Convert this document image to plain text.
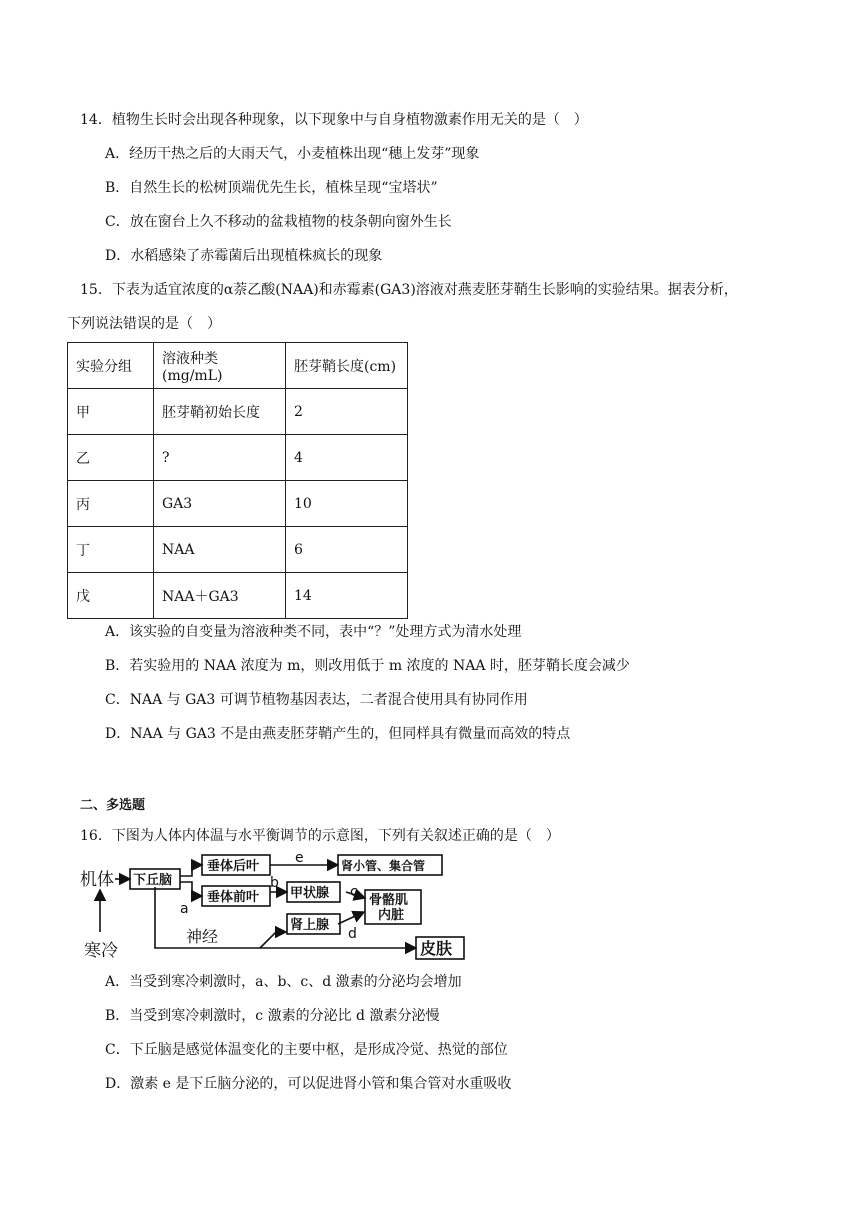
14．植物生长时会出现各种现象，以下现象中与自身植物激素作用无关的是（　）
A．经历干热之后的大雨天气，小麦植株出现“穗上发芽”现象
B．自然生长的松树顶端优先生长，植株呈现“宝塔状”
C．放在窗台上久不移动的盆栽植物的枝条朝向窗外生长
D．水稻感染了赤霉菌后出现植株疯长的现象
15．下表为适宜浓度的α萘乙酸(NAA)和赤霉素(GA3)溶液对燕麦胚芽鞘生长影响的实验结果。据表分析，
下列说法错误的是（　）
实验分组	溶液种类(mg/mL)	胚芽鞘长度(cm)
甲	胚芽鞘初始长度	2
乙	?	4
丙	GA3	10
丁	NAA	6
戊	NAA＋GA3	14
A．该实验的自变量为溶液种类不同，表中“？”处理方式为清水处理
B．若实验用的 NAA 浓度为 m，则改用低于 m 浓度的 NAA 时，胚芽鞘长度会减少
C．NAA 与 GA3 可调节植物基因表达，二者混合使用具有协同作用
D．NAA 与 GA3 不是由燕麦胚芽鞘产生的，但同样具有微量而高效的特点
二、多选题
16．下图为人体内体温与水平衡调节的示意图，下列有关叙述正确的是（　）
机体
寒冷
下丘脑
垂体后叶
垂体前叶
肾小管、集合管
甲状腺
肾上腺
骨骼肌
内脏
皮肤
神经
a
b
c
d
e
A．当受到寒冷刺激时，a、b、c、d 激素的分泌均会增加
B．当受到寒冷刺激时，c 激素的分泌比 d 激素分泌慢
C．下丘脑是感觉体温变化的主要中枢，是形成冷觉、热觉的部位
D．激素 e 是下丘脑分泌的，可以促进肾小管和集合管对水重吸收
